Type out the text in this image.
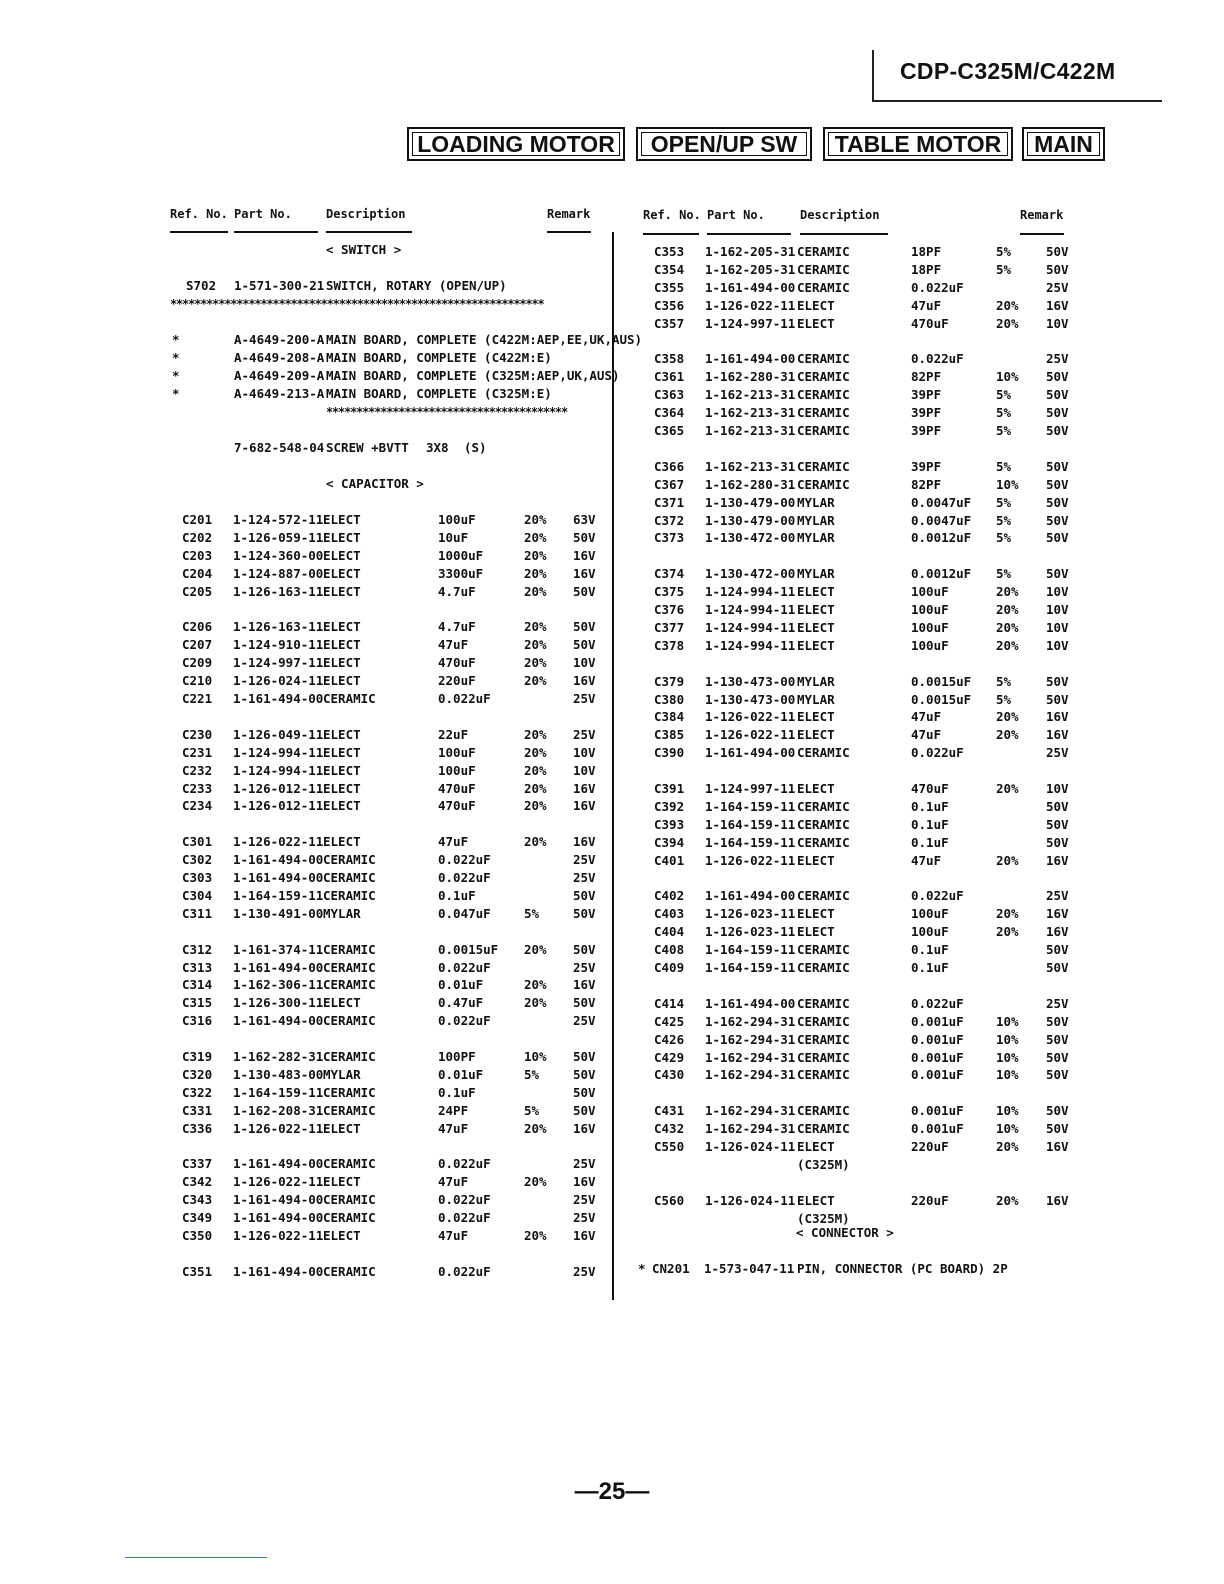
CDP-C325M/C422M
LOADING MOTOR	OPEN/UP SW	TABLE MOTOR	MAIN
Ref. No. Part No.	Description	Remark	Ref. No. Part No.	Description	Remark
< SWITCH >
S702 1-571-300-21 SWITCH, ROTARY (OPEN/UP)
**************************************************************
*	A-4649-200-A MAIN BOARD, COMPLETE (C422M:AEP,EE,UK,AUS)
*	A-4649-208-A MAIN BOARD, COMPLETE (C422M:E)
*	A-4649-209-A MAIN BOARD, COMPLETE (C325M:AEP,UK,AUS)
*	A-4649-213-A MAIN BOARD, COMPLETE (C325M:E)
****************************************
7-682-548-04 SCREW +BVTT 3X8 (S)
< CAPACITOR >
C201 1-124-572-11 ELECT	100uF	20% 63V
C202 1-126-059-11 ELECT	10uF	20% 50V
C203 1-124-360-00 ELECT	1000uF	20% 16V
C204 1-124-887-00 ELECT	3300uF	20% 16V
C205 1-126-163-11 ELECT	4.7uF	20% 50V
C206 1-126-163-11 ELECT	4.7uF	20% 50V
C207 1-124-910-11 ELECT	47uF	20% 50V
C209 1-124-997-11 ELECT	470uF	20% 10V
C210 1-126-024-11 ELECT	220uF	20% 16V
C221 1-161-494-00 CERAMIC	0.022uF	25V
C230 1-126-049-11 ELECT	22uF	20% 25V
C231 1-124-994-11 ELECT	100uF	20% 10V
C232 1-124-994-11 ELECT	100uF	20% 10V
C233 1-126-012-11 ELECT	470uF	20% 16V
C234 1-126-012-11 ELECT	470uF	20% 16V
C301 1-126-022-11 ELECT	47uF	20% 16V
C302 1-161-494-00 CERAMIC	0.022uF	25V
C303 1-161-494-00 CERAMIC	0.022uF	25V
C304 1-164-159-11 CERAMIC	0.1uF	50V
C311 1-130-491-00 MYLAR	0.047uF	5%	50V
C312 1-161-374-11 CERAMIC	0.0015uF 20% 50V
C313 1-161-494-00 CERAMIC	0.022uF	25V
C314 1-162-306-11 CERAMIC	0.01uF	20% 16V
C315 1-126-300-11 ELECT	0.47uF	20% 50V
C316 1-161-494-00 CERAMIC	0.022uF	25V
C319 1-162-282-31 CERAMIC	100PF	10% 50V
C320 1-130-483-00 MYLAR	0.01uF	5%	50V
C322 1-164-159-11 CERAMIC	0.1uF	50V
C331 1-162-208-31 CERAMIC	24PF	5%	50V
C336 1-126-022-11 ELECT	47uF	20% 16V
C337 1-161-494-00 CERAMIC	0.022uF	25V
C342 1-126-022-11 ELECT	47uF	20% 16V
C343 1-161-494-00 CERAMIC	0.022uF	25V
C349 1-161-494-00 CERAMIC	0.022uF	25V
C350 1-126-022-11 ELECT	47uF	20% 16V
C351 1-161-494-00 CERAMIC	0.022uF	25V
C353 1-162-205-31 CERAMIC	18PF	5%	50V
C354 1-162-205-31 CERAMIC	18PF	5%	50V
C355 1-161-494-00 CERAMIC	0.022uF	25V
C356 1-126-022-11 ELECT	47uF	20% 16V
C357 1-124-997-11 ELECT	470uF	20% 10V
C358 1-161-494-00 CERAMIC	0.022uF	25V
C361 1-162-280-31 CERAMIC	82PF	10% 50V
C363 1-162-213-31 CERAMIC	39PF	5%	50V
C364 1-162-213-31 CERAMIC	39PF	5%	50V
C365 1-162-213-31 CERAMIC	39PF	5%	50V
C366 1-162-213-31 CERAMIC	39PF	5%	50V
C367 1-162-280-31 CERAMIC	82PF	10% 50V
C371 1-130-479-00 MYLAR	0.0047uF 5%	50V
C372 1-130-479-00 MYLAR	0.0047uF 5%	50V
C373 1-130-472-00 MYLAR	0.0012uF 5%	50V
C374 1-130-472-00 MYLAR	0.0012uF 5%	50V
C375 1-124-994-11 ELECT	100uF	20% 10V
C376 1-124-994-11 ELECT	100uF	20% 10V
C377 1-124-994-11 ELECT	100uF	20% 10V
C378 1-124-994-11 ELECT	100uF	20% 10V
C379 1-130-473-00 MYLAR	0.0015uF 5%	50V
C380 1-130-473-00 MYLAR	0.0015uF 5%	50V
C384 1-126-022-11 ELECT	47uF	20% 16V
C385 1-126-022-11 ELECT	47uF	20% 16V
C390 1-161-494-00 CERAMIC	0.022uF	25V
C391 1-124-997-11 ELECT	470uF	20% 10V
C392 1-164-159-11 CERAMIC	0.1uF	50V
C393 1-164-159-11 CERAMIC	0.1uF	50V
C394 1-164-159-11 CERAMIC	0.1uF	50V
C401 1-126-022-11 ELECT	47uF	20% 16V
C402 1-161-494-00 CERAMIC	0.022uF	25V
C403 1-126-023-11 ELECT	100uF	20% 16V
C404 1-126-023-11 ELECT	100uF	20% 16V
C408 1-164-159-11 CERAMIC	0.1uF	50V
C409 1-164-159-11 CERAMIC	0.1uF	50V
C414 1-161-494-00 CERAMIC	0.022uF	25V
C425 1-162-294-31 CERAMIC	0.001uF	10% 50V
C426 1-162-294-31 CERAMIC	0.001uF	10% 50V
C429 1-162-294-31 CERAMIC	0.001uF	10% 50V
C430 1-162-294-31 CERAMIC	0.001uF	10% 50V
C431 1-162-294-31 CERAMIC	0.001uF	10% 50V
C432 1-162-294-31 CERAMIC	0.001uF	10% 50V
C550 1-126-024-11 ELECT	220uF	20% 16V
(C325M)
C560 1-126-024-11 ELECT	220uF	20% 16V
(C325M)
< CONNECTOR >
* CN201 1-573-047-11 PIN, CONNECTOR (PC BOARD) 2P
—25—
